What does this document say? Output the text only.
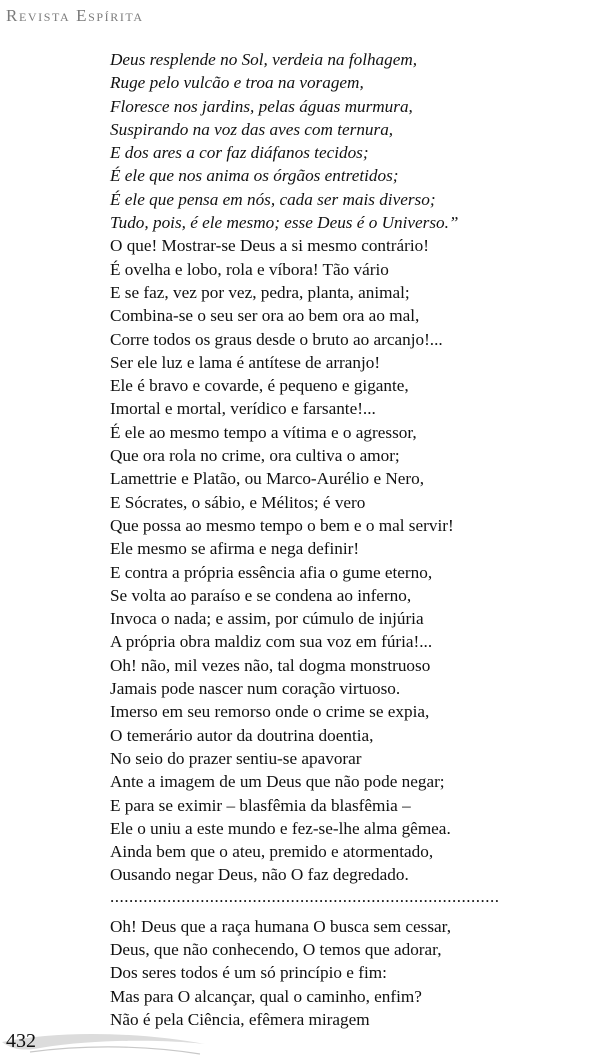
Revista Espírita
Deus resplende no Sol, verdeia na folhagem,
Ruge pelo vulcão e troa na voragem,
Floresce nos jardins, pelas águas murmura,
Suspirando na voz das aves com ternura,
E dos ares a cor faz diáfanos tecidos;
É ele que nos anima os órgãos entretidos;
É ele que pensa em nós, cada ser mais diverso;
Tudo, pois, é ele mesmo; esse Deus é o Universo.”
O que! Mostrar-se Deus a si mesmo contrário!
É ovelha e lobo, rola e víbora! Tão vário
E se faz, vez por vez, pedra, planta, animal;
Combina-se o seu ser ora ao bem ora ao mal,
Corre todos os graus desde o bruto ao arcanjo!...
Ser ele luz e lama é antítese de arranjo!
Ele é bravo e covarde, é pequeno e gigante,
Imortal e mortal, verídico e farsante!...
É ele ao mesmo tempo a vítima e o agressor,
Que ora rola no crime, ora cultiva o amor;
Lamettrie e Platão, ou Marco-Aurélio e Nero,
E Sócrates, o sábio, e Mélitos; é vero
Que possa ao mesmo tempo o bem e o mal servir!
Ele mesmo se afirma e nega definir!
E contra a própria essência afia o gume eterno,
Se volta ao paraíso e se condena ao inferno,
Invoca o nada; e assim, por cúmulo de injúria
A própria obra maldiz com sua voz em fúria!...
Oh! não, mil vezes não, tal dogma monstruoso
Jamais pode nascer num coração virtuoso.
Imerso em seu remorso onde o crime se expia,
O temerário autor da doutrina doentia,
No seio do prazer sentiu-se apavorar
Ante a imagem de um Deus que não pode negar;
E para se eximir – blasfêmia da blasfêmia –
Ele o uniu a este mundo e fez-se-lhe alma gêmea.
Ainda bem que o ateu, premido e atormentado,
Ousando negar Deus, não O faz degredado.
..................................................................................
Oh! Deus que a raça humana O busca sem cessar,
Deus, que não conhecendo, O temos que adorar,
Dos seres todos é um só princípio e fim:
Mas para O alcançar, qual o caminho, enfim?
Não é pela Ciência, efêmera miragem
432
